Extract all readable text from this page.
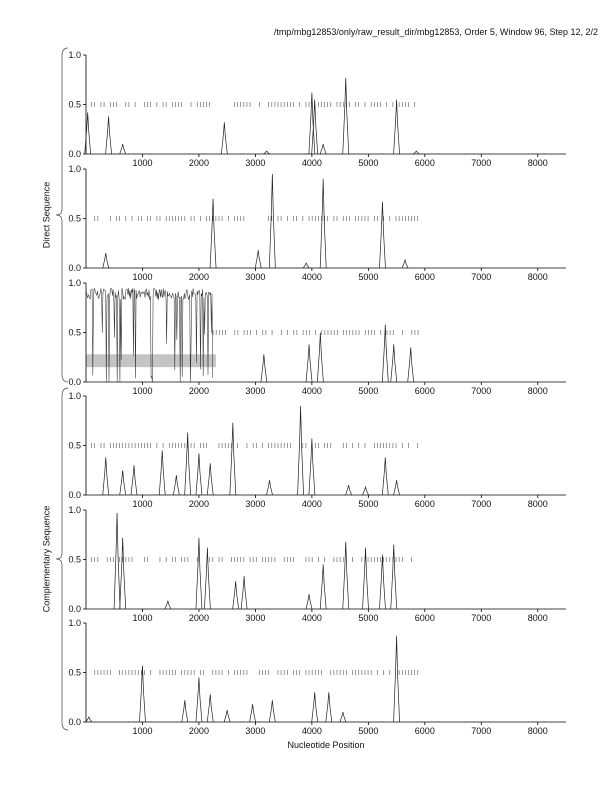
/tmp/mbg12853/only/raw_result_dir/mbg12853, Order 5, Window 96, Step 12, 2/2
0.0
0.5
1.0
1000	2000	3000	4000	5000	6000	7000	8000
0.0
0.5
1.0
1000	2000	3000	4000	5000	6000	7000	8000
0.0
0.5
1.0
1000	2000	3000	4000	5000	6000	7000	8000
0.0
0.5
1.0
1000	2000	3000	4000	5000	6000	7000	8000
0.0
0.5
1.0
1000	2000	3000	4000	5000	6000	7000	8000
0.0
0.5
1.0
1000	2000	3000	4000	5000	6000	7000	8000
Direct Sequence
Complementary Sequence
Nucleotide Position
